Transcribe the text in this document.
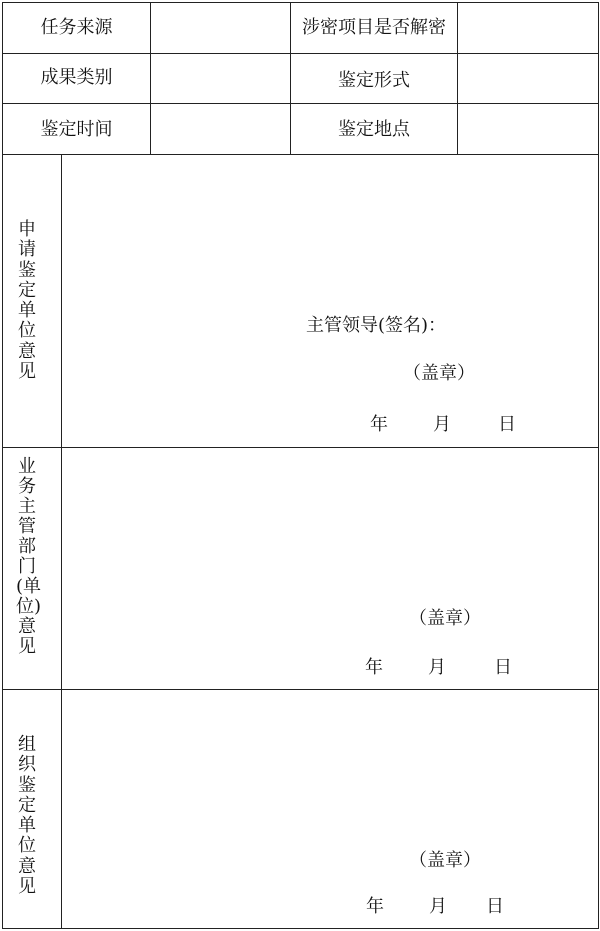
任务来源	涉密项目是否解密
成果类别	鉴定形式
鉴定时间	鉴定地点
申请鉴定单位意见
主管领导(签名)：
（盖章）
年	月	日
业务主管部门(单位)意见
（盖章）
年	月	日
组织鉴定单位意见
（盖章）
年	月 日
